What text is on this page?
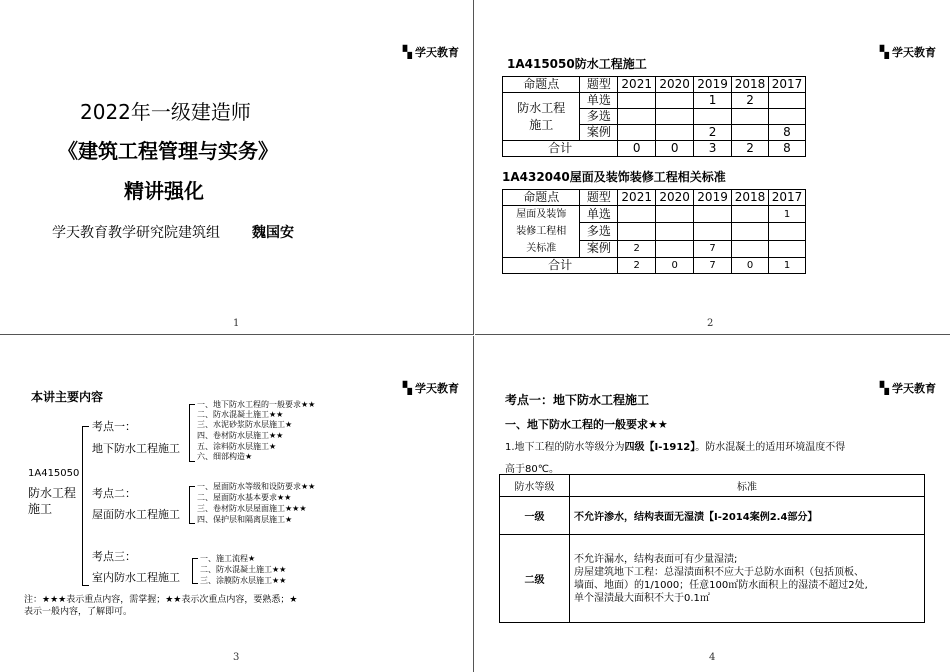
▚ 学天教育
2022年一级建造师
《建筑工程管理与实务》
精讲强化
学天教育教学研究院建筑组 魏国安
1
▚ 学天教育
1A415050防水工程施工
命题点	题型	2021	2020	2019	2018	2017

防水工程
施工	单选			1	2	
	多选					
	案例			2		8
合计		0	0	3	2	8
1A432040屋面及装饰装修工程相关标准
命题点	题型	2021	2020	2019	2018	2017

屋面及装饰
装修工程相
关标准	单选					1
	多选					
	案例	2		7		
合计		2	0	7	0	1
2
▚ 学天教育
本讲主要内容
1A415050
防水工程
施工
考点一：
地下防水工程施工
一、地下防水工程的一般要求★★
二、防水混凝土施工★★
三、水泥砂浆防水层施工★
四、卷材防水层施工★★
五、涂料防水层施工★
六、细部构造★
考点二：
屋面防水工程施工
一、屋面防水等级和设防要求★★
二、屋面防水基本要求★★
三、卷材防水层屋面施工★★★
四、保护层和隔离层施工★
考点三：
室内防水工程施工
一、施工流程★
二、防水混凝土施工★★
三、涂膜防水层施工★★
注：★★★表示重点内容，需掌握；★★表示次重点内容，要熟悉；★
表示一般内容，了解即可。
3
▚ 学天教育
考点一：地下防水工程施工
一、地下防水工程的一般要求★★
1.地下工程的防水等级分为四级【Ⅰ-1912】。防水混凝土的适用环境温度不得
高于80℃。
防水等级	标准
一级	不允许渗水，结构表面无湿渍【Ⅰ-2014案例2.4部分】
二级	不允许漏水，结构表面可有少量湿渍;
房屋建筑地下工程：总湿渍面积不应大于总防水面积（包括顶板、
墙面、地面）的1/1000；任意100㎡防水面积上的湿渍不超过2处,
单个湿渍最大面积不大于0.1㎡
4
